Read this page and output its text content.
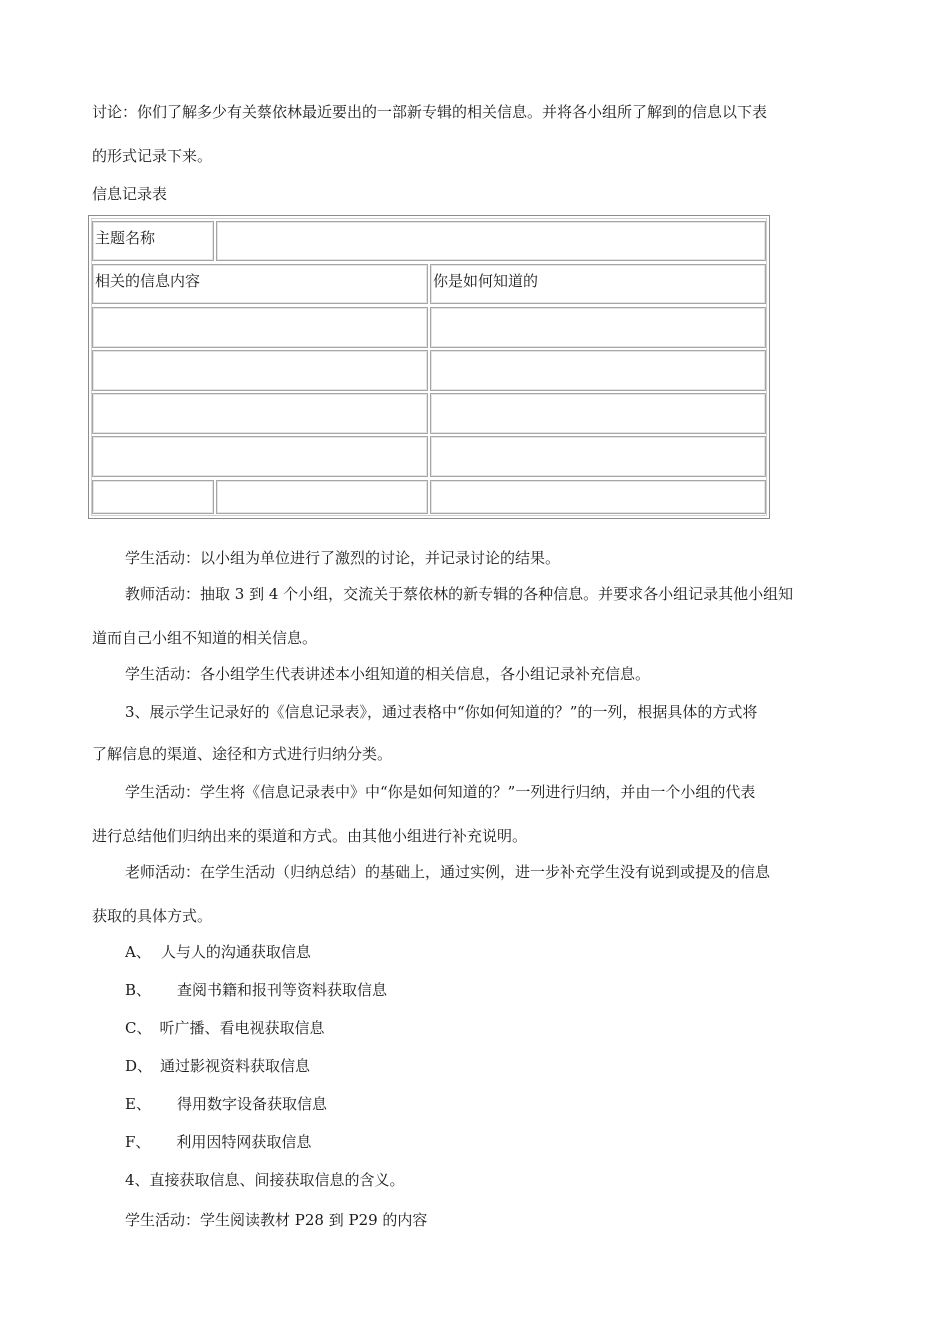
讨论：你们了解多少有关蔡依林最近要出的一部新专辑的相关信息。并将各小组所了解到的信息以下表
的形式记录下来。
信息记录表
主题名称
相关的信息内容	你是如何知道的
学生活动：以小组为单位进行了激烈的讨论，并记录讨论的结果。
教师活动：抽取 3 到 4 个小组，交流关于蔡依林的新专辑的各种信息。并要求各小组记录其他小组知
道而自己小组不知道的相关信息。
学生活动：各小组学生代表讲述本小组知道的相关信息，各小组记录补充信息。
3、展示学生记录好的《信息记录表》，通过表格中“你如何知道的？”的一列，根据具体的方式将
了解信息的渠道、途径和方式进行归纳分类。
学生活动：学生将《信息记录表中》中“你是如何知道的？”一列进行归纳，并由一个小组的代表
进行总结他们归纳出来的渠道和方式。由其他小组进行补充说明。
老师活动：在学生活动（归纳总结）的基础上，通过实例，进一步补充学生没有说到或提及的信息
获取的具体方式。
A、 人与人的沟通获取信息
B、 查阅书籍和报刊等资料获取信息
C、 听广播、看电视获取信息
D、 通过影视资料获取信息
E、 得用数字设备获取信息
F、 利用因特网获取信息
4、直接获取信息、间接获取信息的含义。
学生活动：学生阅读教材 P28 到 P29 的内容
